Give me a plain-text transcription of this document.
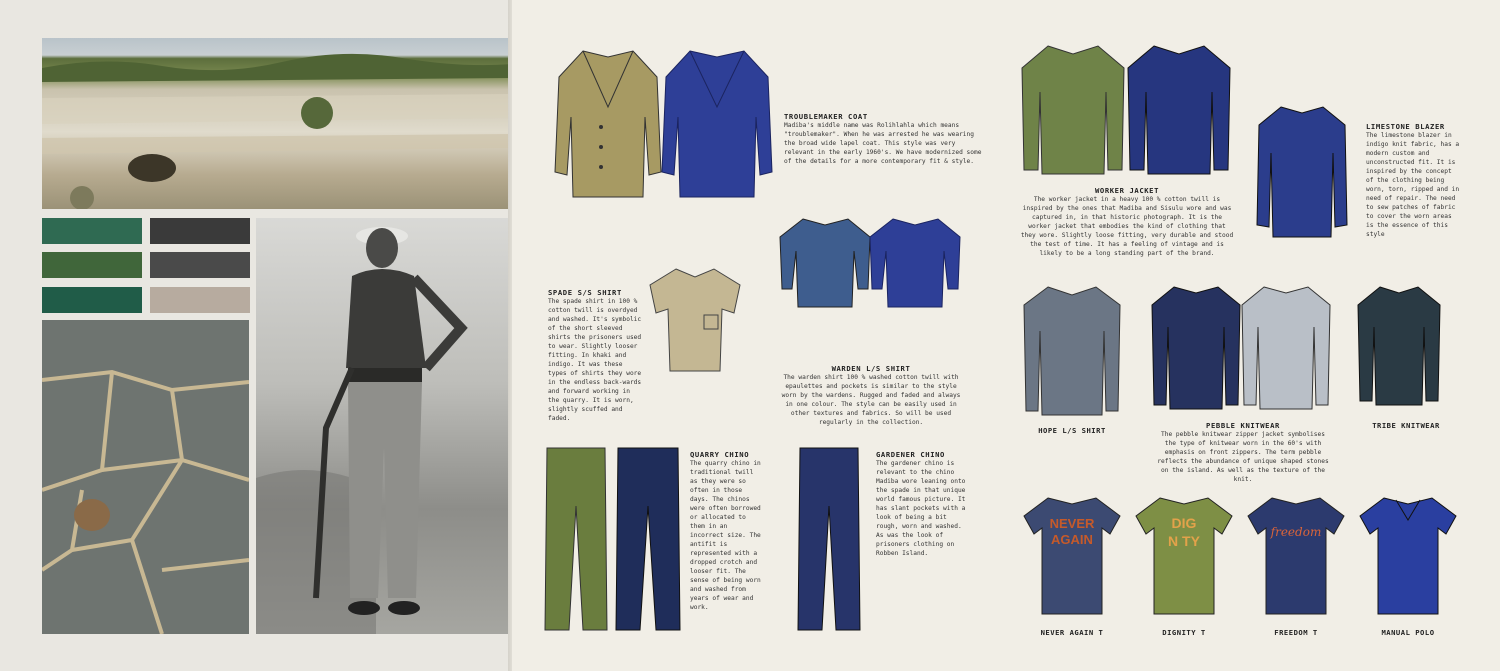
TROUBLEMAKER COAT
Madiba's middle name was Rolihlahla which means "troublemaker". When he was arrested he was wearing the broad wide lapel coat. This style was very relevant in the early 1960's. We have modernized some of the details for a more contemporary fit & style.
WARDEN L/S SHIRT
The warden shirt 100 % washed cotton twill with epaulettes and pockets is similar to the style worn by the wardens. Rugged and faded and always in one colour. The style can be easily used in other textures and fabrics. So will be used regularly in the collection.
SPADE S/S SHIRT
The spade shirt in 100 % cotton twill is overdyed and washed. It's symbolic of the short sleeved shirts the prisoners used to wear. Slightly looser fitting. In khaki and indigo. It was these types of shirts they wore in the endless back-wards and forward working in the quarry. It is worn, slightly scuffed and faded.
QUARRY CHINO
The quarry chino in traditional twill as they were so often in those days. The chinos were often borrowed or allocated to them in an incorrect size. The antifit is represented with a dropped crotch and looser fit. The sense of being worn and washed from years of wear and work.
GARDENER CHINO
The gardener chino is relevant to the chino Madiba wore leaning onto the spade in that unique world famous picture. It has slant pockets with a look of being a bit rough, worn and washed. As was the look of prisoners clothing on Robben Island.
WORKER JACKET
The worker jacket in a heavy 100 % cotton twill is inspired by the ones that Madiba and Sisulu wore and was captured in, in that historic photograph. It is the worker jacket that embodies the kind of clothing that they wore. Slightly loose fitting, very durable and stood the test of time. It has a feeling of vintage and is likely to be a long standing part of the brand.
LIMESTONE BLAZER
The limestone blazer in indigo knit fabric, has a modern custom and unconstructed fit. It is inspired by the concept of the clothing being worn, torn, ripped and in need of repair. The need to sew patches of fabric to cover the worn areas is the essence of this style
HOPE L/S SHIRT
PEBBLE KNITWEAR
The pebble knitwear zipper jacket symbolises the type of knitwear worn in the 60's with emphasis on front zippers. The term pebble reflects the abundance of unique shaped stones on the island. As well as the texture of the knit.
TRIBE KNITWEAR
NEVER
AGAIN
NEVER AGAIN T
DIG
N TY
DIGNITY T
freedom
FREEDOM T	MANUAL POLO
